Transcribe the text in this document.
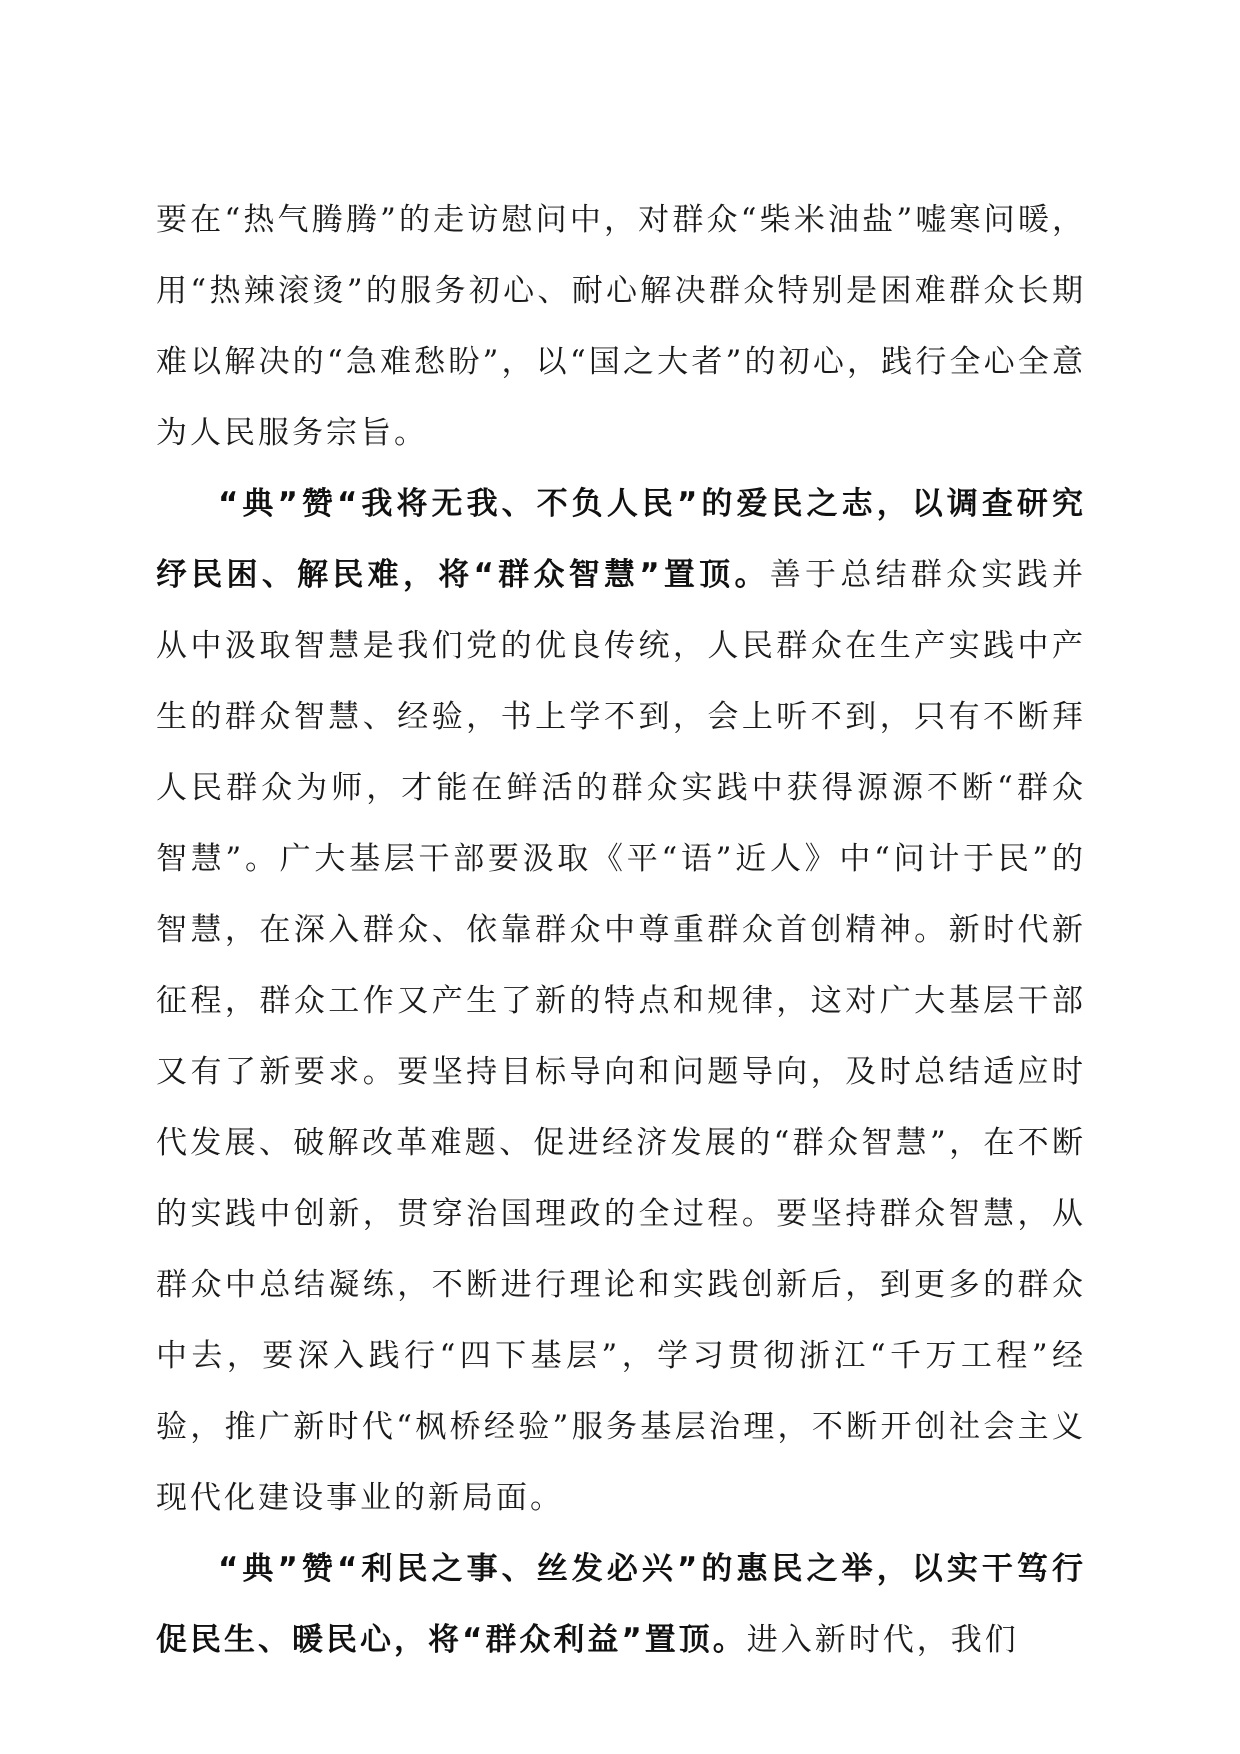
要在“热气腾腾”的走访慰问中，对群众“柴米油盐”嘘寒问暖，用“热辣滚烫”的服务初心、耐心解决群众特别是困难群众长期难以解决的“急难愁盼”，以“国之大者”的初心，践行全心全意为人民服务宗旨。

“典”赞“我将无我、不负人民”的爱民之志，以调查研究纾民困、解民难，将“群众智慧”置顶。善于总结群众实践并从中汲取智慧是我们党的优良传统，人民群众在生产实践中产生的群众智慧、经验，书上学不到，会上听不到，只有不断拜人民群众为师，才能在鲜活的群众实践中获得源源不断“群众智慧”。广大基层干部要汲取《平“语”近人》中“问计于民”的智慧，在深入群众、依靠群众中尊重群众首创精神。新时代新征程，群众工作又产生了新的特点和规律，这对广大基层干部又有了新要求。要坚持目标导向和问题导向，及时总结适应时代发展、破解改革难题、促进经济发展的“群众智慧”，在不断的实践中创新，贯穿治国理政的全过程。要坚持群众智慧，从群众中总结凝练，不断进行理论和实践创新后，到更多的群众中去，要深入践行“四下基层”，学习贯彻浙江“千万工程”经验，推广新时代“枫桥经验”服务基层治理，不断开创社会主义现代化建设事业的新局面。

“典”赞“利民之事、丝发必兴”的惠民之举，以实干笃行促民生、暖民心，将“群众利益”置顶。进入新时代，我们
